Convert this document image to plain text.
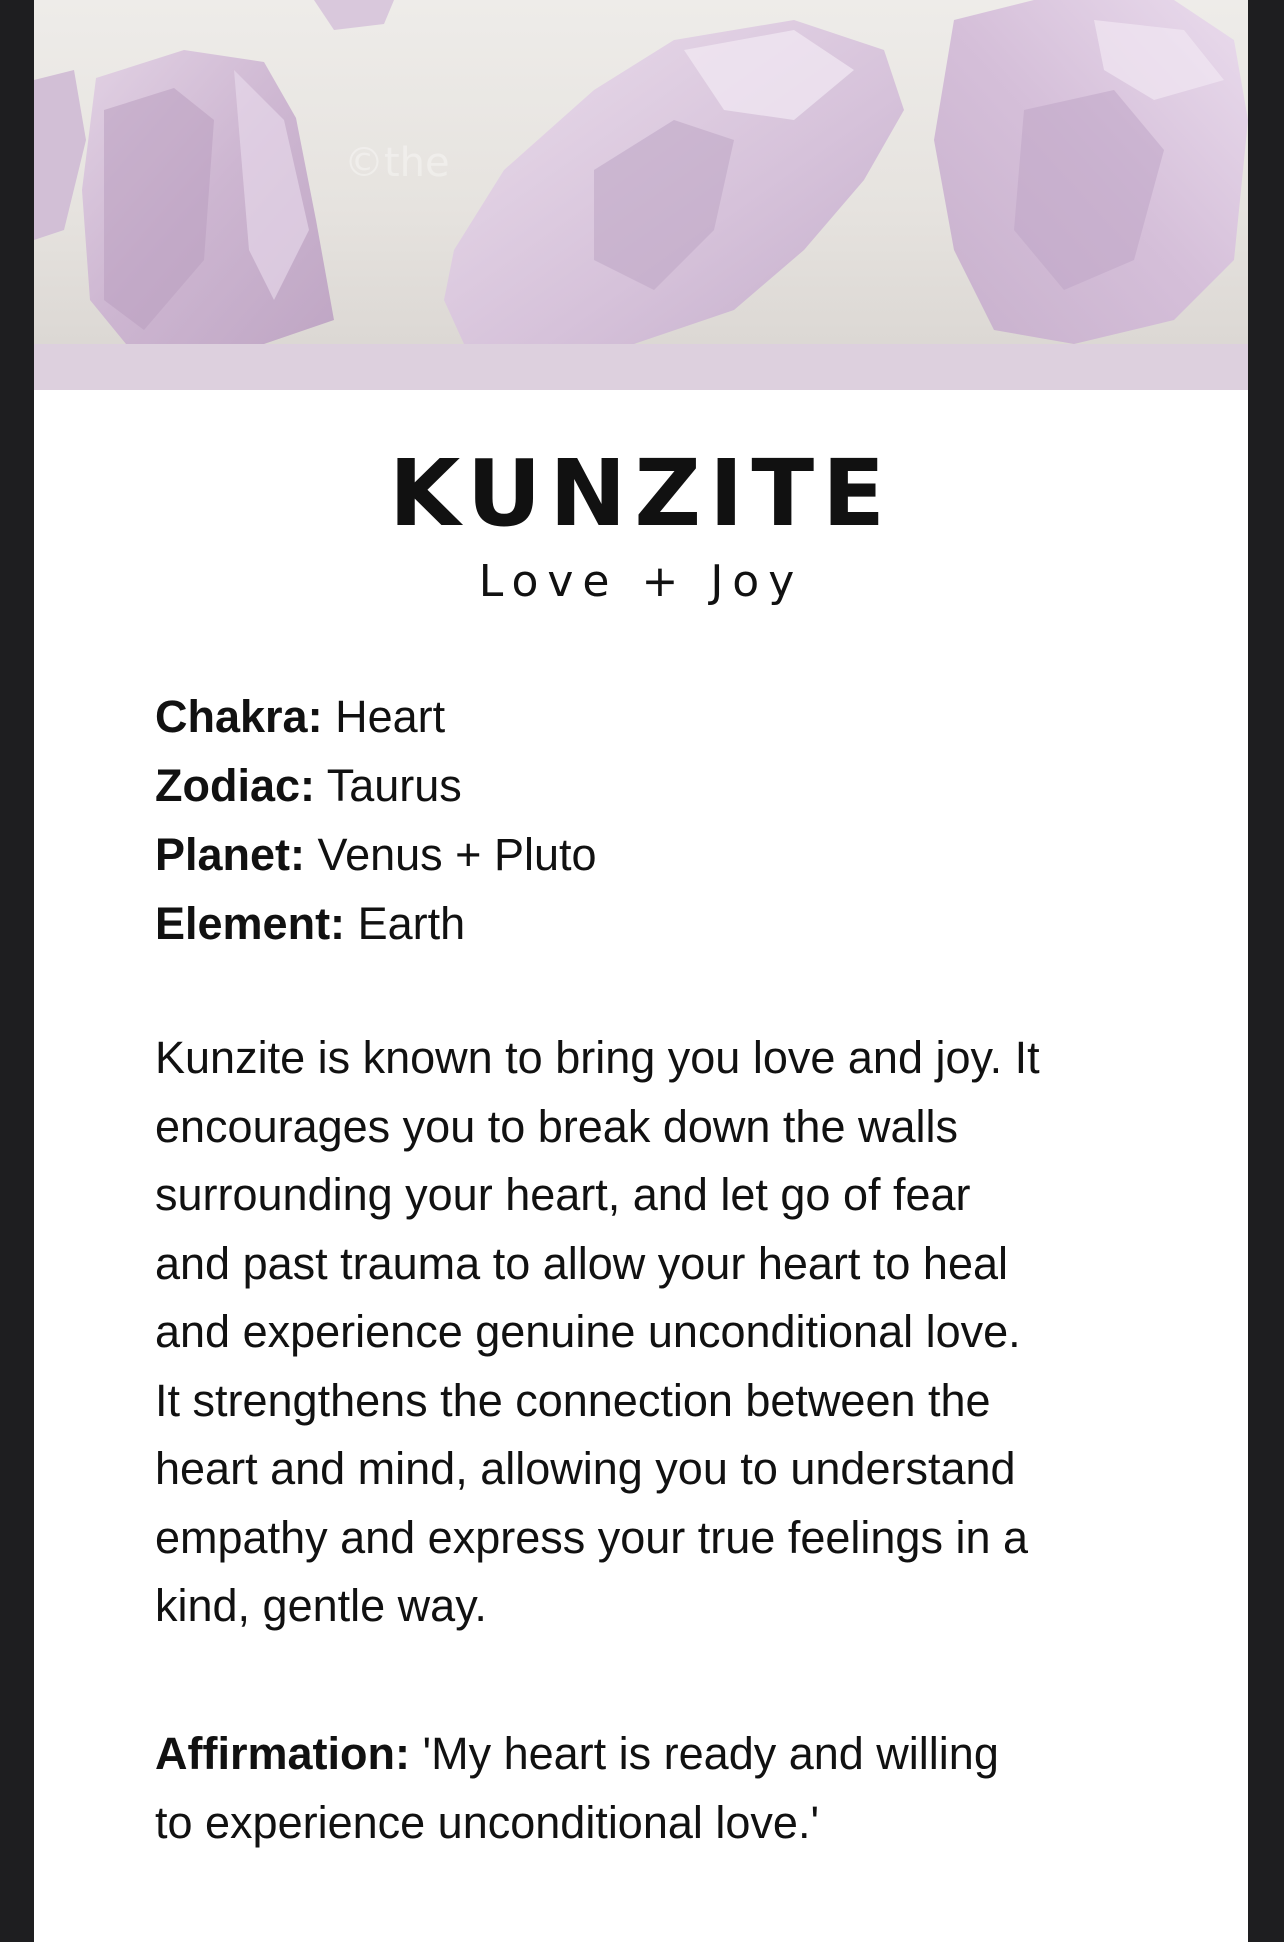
©the
KUNZITE
Love + Joy
Chakra: Heart
Zodiac: Taurus
Planet: Venus + Pluto
Element: Earth
Kunzite is known to bring you love and joy. It
encourages you to break down the walls
surrounding your heart, and let go of fear
and past trauma to allow your heart to heal
and experience genuine unconditional love.
It strengthens the connection between the
heart and mind, allowing you to understand
empathy and express your true feelings in a
kind, gentle way.
Affirmation: 'My heart is ready and willing
to experience unconditional love.'
